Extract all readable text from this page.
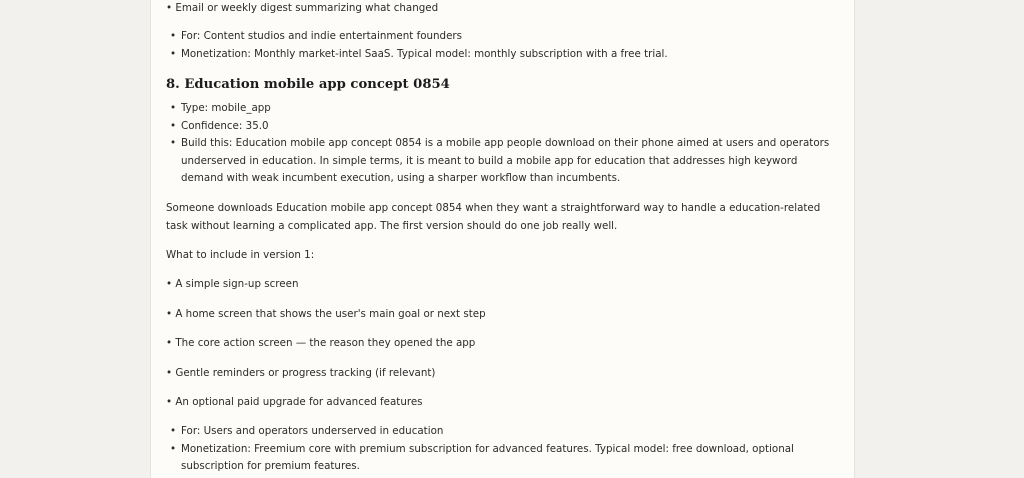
• Email or weekly digest summarizing what changed

• For: Content studios and indie entertainment founders
• Monetization: Monthly market-intel SaaS. Typical model: monthly subscription with a free trial.
8. Education mobile app concept 0854
• Type: mobile_app
• Confidence: 35.0
• Build this: Education mobile app concept 0854 is a mobile app people download on their phone aimed at users and operators underserved in education. In simple terms, it is meant to build a mobile app for education that addresses high keyword demand with weak incumbent execution, using a sharper workflow than incumbents.

Someone downloads Education mobile app concept 0854 when they want a straightforward way to handle a education-related task without learning a complicated app. The first version should do one job really well.

What to include in version 1:

• A simple sign-up screen

• A home screen that shows the user's main goal or next step

• The core action screen — the reason they opened the app

• Gentle reminders or progress tracking (if relevant)

• An optional paid upgrade for advanced features

• For: Users and operators underserved in education
• Monetization: Freemium core with premium subscription for advanced features. Typical model: free download, optional subscription for premium features.
